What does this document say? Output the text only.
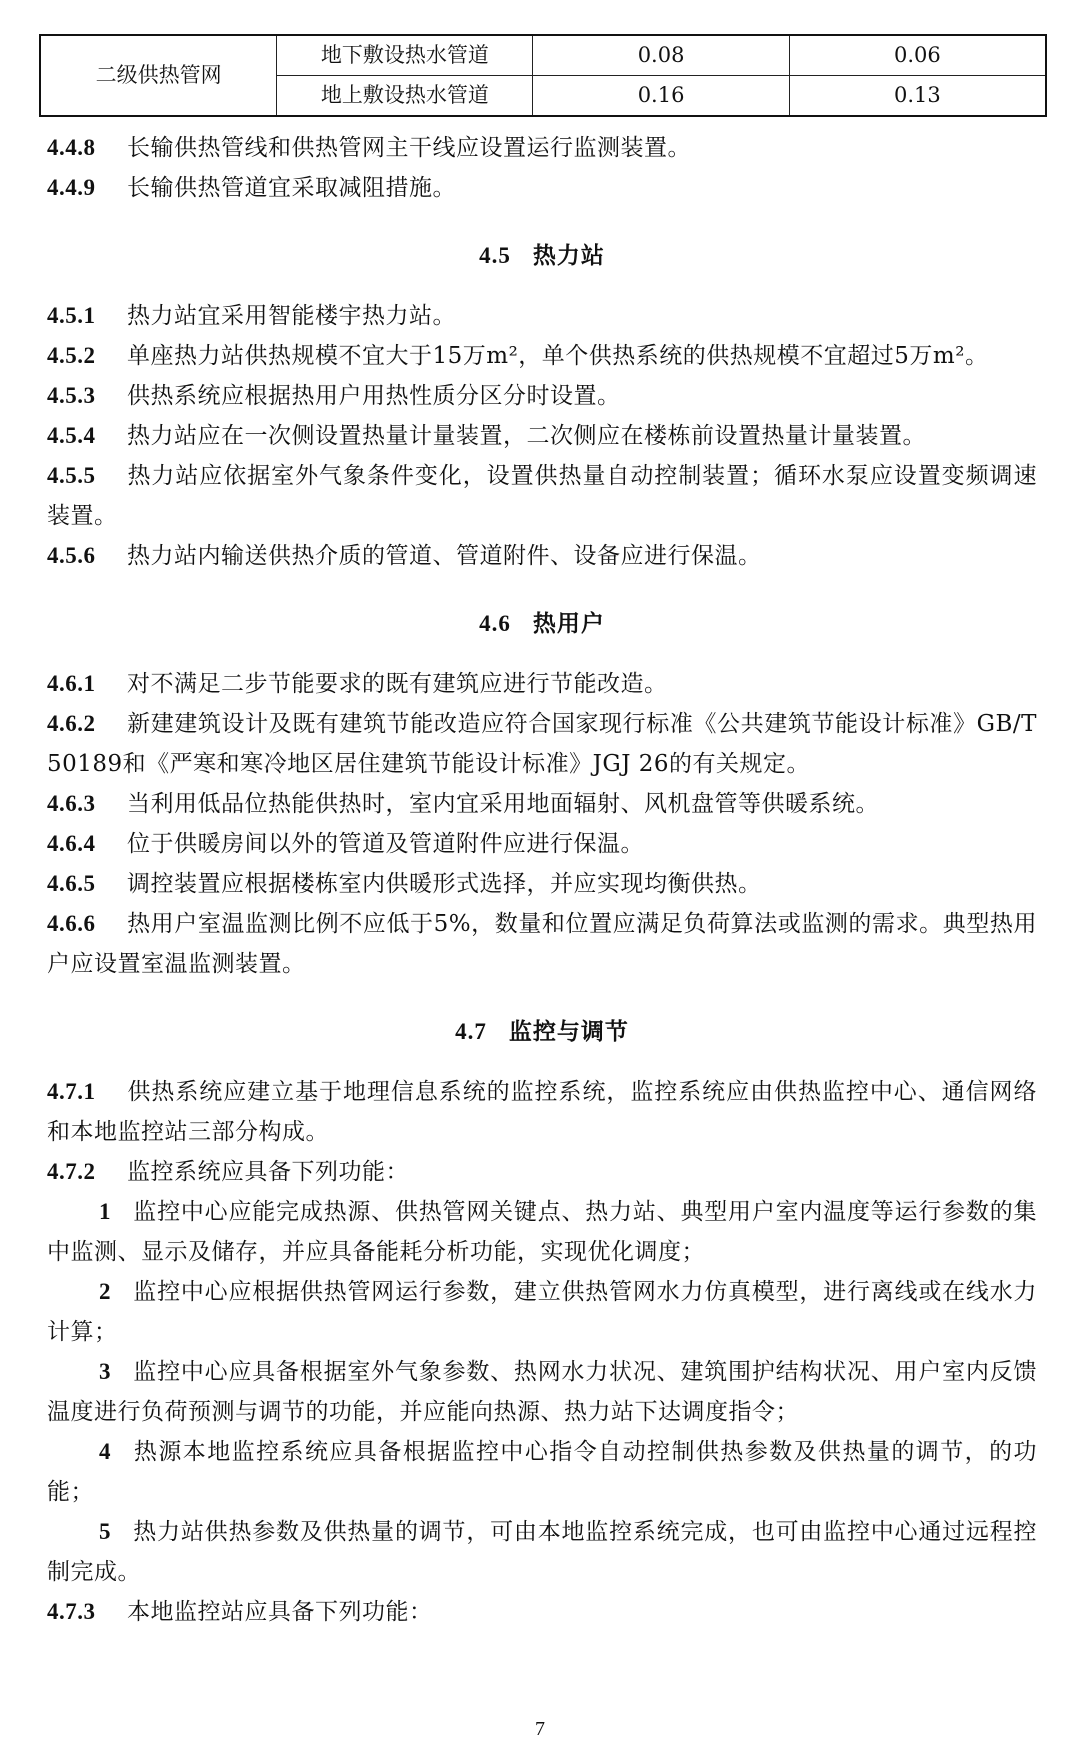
二级供热管网	地下敷设热水管道	0.08	0.06
	地上敷设热水管道	0.16	0.13

4.4.8 长输供热管线和供热管网主干线应设置运行监测装置。

4.4.9 长输供热管道宜采取减阻措施。

4.5 热力站

4.5.1 热力站宜采用智能楼宇热力站。

4.5.2 单座热力站供热规模不宜大于15万m²，单个供热系统的供热规模不宜超过5万m²。

4.5.3 供热系统应根据热用户用热性质分区分时设置。

4.5.4 热力站应在一次侧设置热量计量装置，二次侧应在楼栋前设置热量计量装置。

4.5.5 热力站应依据室外气象条件变化，设置供热量自动控制装置；循环水泵应设置变频调速装置。

4.5.6 热力站内输送供热介质的管道、管道附件、设备应进行保温。

4.6 热用户

4.6.1 对不满足二步节能要求的既有建筑应进行节能改造。

4.6.2 新建建筑设计及既有建筑节能改造应符合国家现行标准《公共建筑节能设计标准》GB/T 50189和《严寒和寒冷地区居住建筑节能设计标准》JGJ 26的有关规定。

4.6.3 当利用低品位热能供热时，室内宜采用地面辐射、风机盘管等供暖系统。

4.6.4 位于供暖房间以外的管道及管道附件应进行保温。

4.6.5 调控装置应根据楼栋室内供暖形式选择，并应实现均衡供热。

4.6.6 热用户室温监测比例不应低于5%，数量和位置应满足负荷算法或监测的需求。典型热用户应设置室温监测装置。

4.7 监控与调节

4.7.1 供热系统应建立基于地理信息系统的监控系统，监控系统应由供热监控中心、通信网络和本地监控站三部分构成。

4.7.2 监控系统应具备下列功能：

1 监控中心应能完成热源、供热管网关键点、热力站、典型用户室内温度等运行参数的集中监测、显示及储存，并应具备能耗分析功能，实现优化调度；

2 监控中心应根据供热管网运行参数，建立供热管网水力仿真模型，进行离线或在线水力计算；

3 监控中心应具备根据室外气象参数、热网水力状况、建筑围护结构状况、用户室内反馈温度进行负荷预测与调节的功能，并应能向热源、热力站下达调度指令；

4 热源本地监控系统应具备根据监控中心指令自动控制供热参数及供热量的调节，的功能；

5 热力站供热参数及供热量的调节，可由本地监控系统完成，也可由监控中心通过远程控制完成。

4.7.3 本地监控站应具备下列功能：

7
